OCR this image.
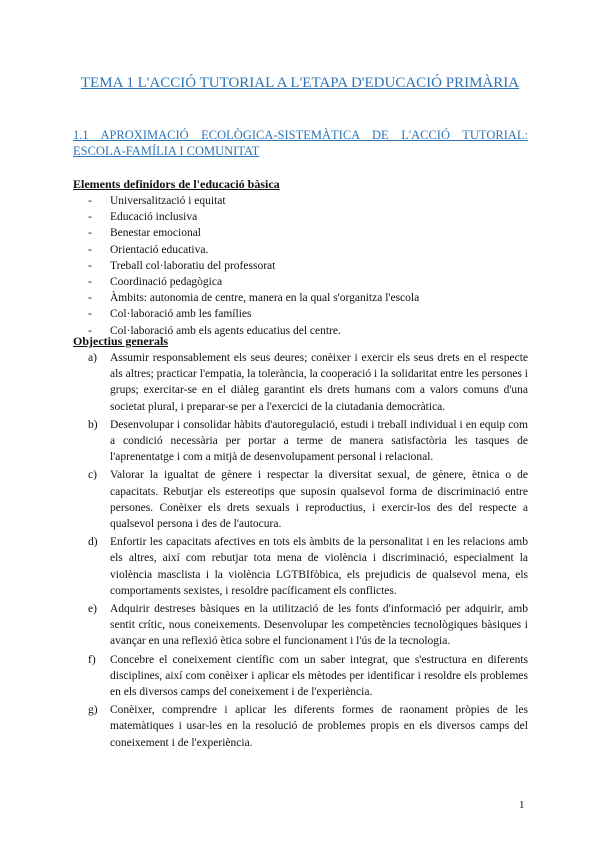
TEMA 1 L'ACCIÓ TUTORIAL A L'ETAPA D'EDUCACIÓ PRIMÀRIA
1.1 APROXIMACIÓ ECOLÒGICA-SISTEMÀTICA DE L'ACCIÓ TUTORIAL: ESCOLA-FAMÍLIA I COMUNITAT
Elements definidors de l'educació bàsica
- Universalització i equitat
- Educació inclusiva
- Benestar emocional
- Orientació educativa.
- Treball col·laboratiu del professorat
- Coordinació pedagògica
- Àmbits: autonomia de centre, manera en la qual s'organitza l'escola
- Col·laboració amb les famílies
- Col·laboració amb els agents educatius del centre.
Objectius generals
a) Assumir responsablement els seus deures; conèixer i exercir els seus drets en el respecte als altres; practicar l'empatia, la tolerància, la cooperació i la solidaritat entre les persones i grups; exercitar-se en el diàleg garantint els drets humans com a valors comuns d'una societat plural, i preparar-se per a l'exercici de la ciutadania democràtica.
b) Desenvolupar i consolidar hàbits d'autoregulació, estudi i treball individual i en equip com a condició necessària per portar a terme de manera satisfactòria les tasques de l'aprenentatge i com a mitjà de desenvolupament personal i relacional.
c) Valorar la igualtat de gènere i respectar la diversitat sexual, de gènere, ètnica o de capacitats. Rebutjar els estereotips que suposin qualsevol forma de discriminació entre persones. Conèixer els drets sexuals i reproductius, i exercir-los des del respecte a qualsevol persona i des de l'autocura.
d) Enfortir les capacitats afectives en tots els àmbits de la personalitat i en les relacions amb els altres, així com rebutjar tota mena de violència i discriminació, especialment la violència masclista i la violència LGTBIfòbica, els prejudicis de qualsevol mena, els comportaments sexistes, i resoldre pacíficament els conflictes.
e) Adquirir destreses bàsiques en la utilització de les fonts d'informació per adquirir, amb sentit crític, nous coneixements. Desenvolupar les competències tecnològiques bàsiques i avançar en una reflexió ètica sobre el funcionament i l'ús de la tecnologia.
f) Concebre el coneixement científic com un saber integrat, que s'estructura en diferents disciplines, així com conèixer i aplicar els mètodes per identificar i resoldre els problemes en els diversos camps del coneixement i de l'experiència.
g) Conèixer, comprendre i aplicar les diferents formes de raonament pròpies de les matemàtiques i usar-les en la resolució de problemes propis en els diversos camps del coneixement i de l'experiència.
1
